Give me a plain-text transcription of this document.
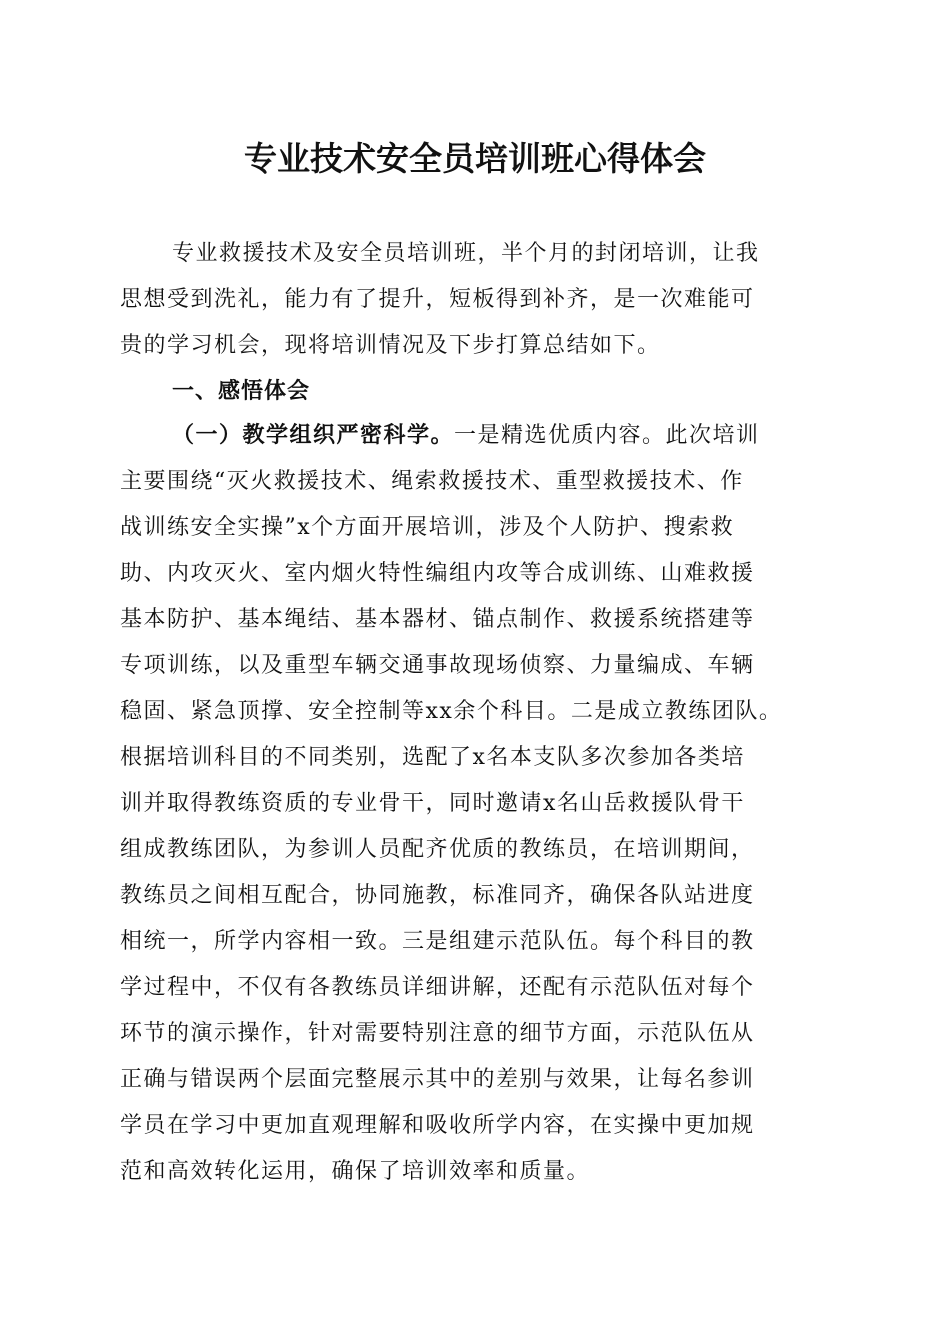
专业技术安全员培训班心得体会

专业救援技术及安全员培训班，半个月的封闭培训，让我

思想受到洗礼，能力有了提升，短板得到补齐，是一次难能可

贵的学习机会，现将培训情况及下步打算总结如下。

一、感悟体会

（一）教学组织严密科学。一是精选优质内容。此次培训

主要围绕“灭火救援技术、绳索救援技术、重型救援技术、作

战训练安全实操”x个方面开展培训，涉及个人防护、搜索救

助、内攻灭火、室内烟火特性编组内攻等合成训练、山难救援

基本防护、基本绳结、基本器材、锚点制作、救援系统搭建等

专项训练，以及重型车辆交通事故现场侦察、力量编成、车辆

稳固、紧急顶撑、安全控制等xx余个科目。二是成立教练团队。

根据培训科目的不同类别，选配了x名本支队多次参加各类培

训并取得教练资质的专业骨干，同时邀请x名山岳救援队骨干

组成教练团队，为参训人员配齐优质的教练员，在培训期间，

教练员之间相互配合，协同施教，标准同齐，确保各队站进度

相统一，所学内容相一致。三是组建示范队伍。每个科目的教

学过程中，不仅有各教练员详细讲解，还配有示范队伍对每个

环节的演示操作，针对需要特别注意的细节方面，示范队伍从

正确与错误两个层面完整展示其中的差别与效果，让每名参训

学员在学习中更加直观理解和吸收所学内容，在实操中更加规

范和高效转化运用，确保了培训效率和质量。
